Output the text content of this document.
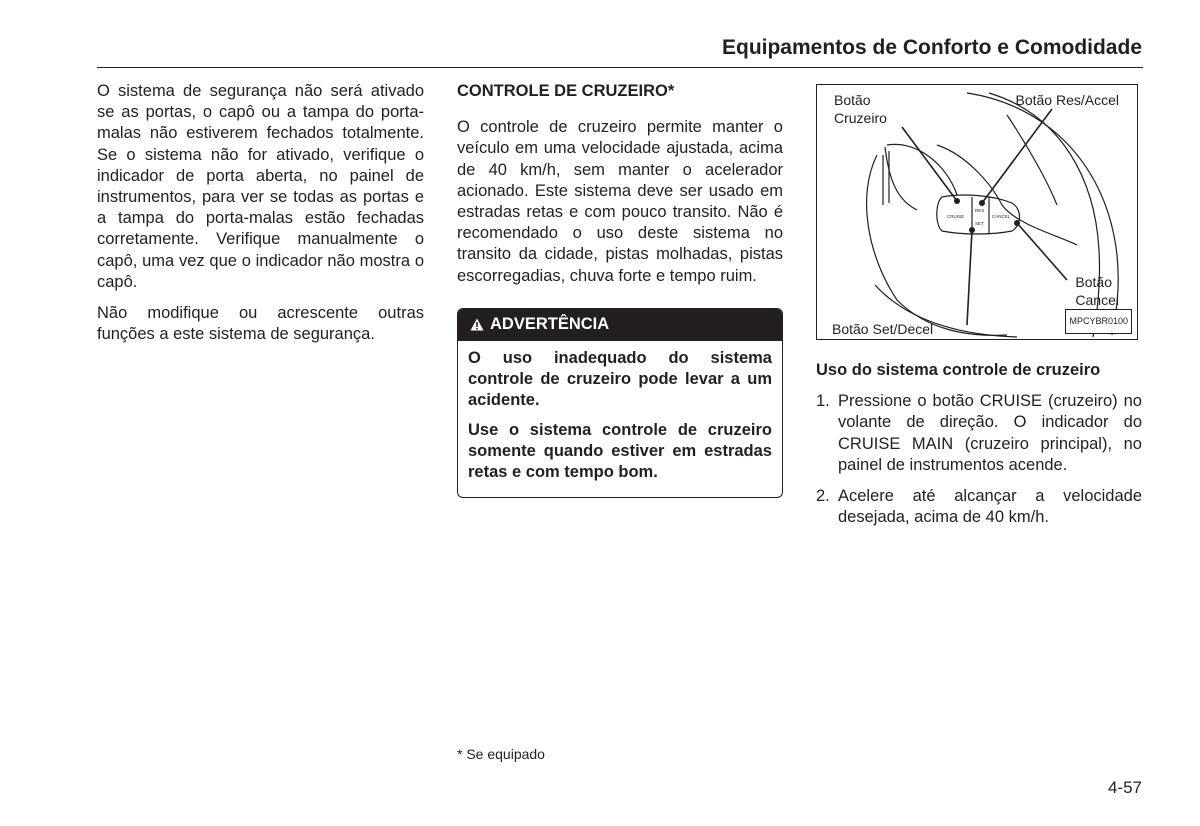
Equipamentos de Conforto e Comodidade

O sistema de segurança não será ativado se as portas, o capô ou a tampa do porta-malas não estiverem fechados totalmente. Se o sistema não for ativado, verifique o indicador de porta aberta, no painel de instrumentos, para ver se todas as portas e a tampa do porta-malas estão fechadas corretamente. Verifique manualmente o capô, uma vez que o indicador não mostra o capô.

Não modifique ou acrescente outras funções a este sistema de segurança.

CONTROLE DE CRUZEIRO*

O controle de cruzeiro permite manter o veículo em uma velocidade ajustada, acima de 40 km/h, sem manter o acelerador acionado. Este sistema deve ser usado em estradas retas e com pouco transito. Não é recomendado o uso deste sistema no transito da cidade, pistas molhadas, pistas escorregadias, chuva forte e tempo ruim.

ADVERTÊNCIA

O uso inadequado do sistema controle de cruzeiro pode levar a um acidente.

Use o sistema controle de cruzeiro somente quando estiver em estradas retas e com tempo bom.

CRUISE
RES
SET
CANCEL
Botão
Cruzeiro
Botão Res/Accel
Botão
Cancel
Botão Set/Decel
MPCYBR0100

Uso do sistema controle de cruzeiro

1. Pressione o botão CRUISE (cruzeiro) no volante de direção. O indicador do CRUISE MAIN (cruzeiro principal), no painel de instrumentos acende.
2. Acelere até alcançar a velocidade desejada, acima de 40 km/h.
* Se equipado
4-57
